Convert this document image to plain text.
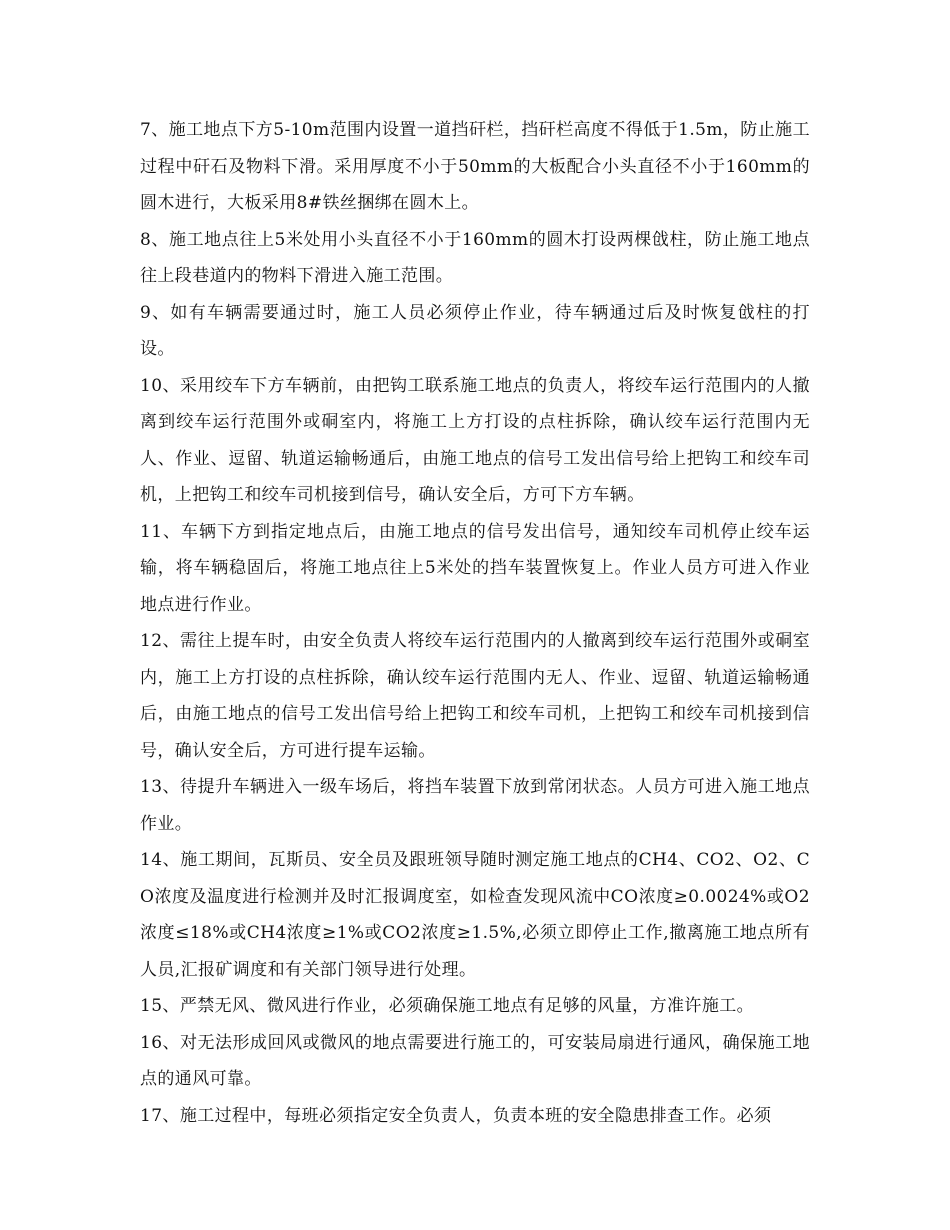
7、施工地点下方5-10m范围内设置一道挡矸栏，挡矸栏高度不得低于1.5m，防止施工过程中矸石及物料下滑。采用厚度不小于50mm的大板配合小头直径不小于160mm的圆木进行，大板采用8#铁丝捆绑在圆木上。

8、施工地点往上5米处用小头直径不小于160mm的圆木打设两棵戗柱，防止施工地点往上段巷道内的物料下滑进入施工范围。

9、如有车辆需要通过时，施工人员必须停止作业，待车辆通过后及时恢复戗柱的打设。

10、采用绞车下方车辆前，由把钩工联系施工地点的负责人，将绞车运行范围内的人撤离到绞车运行范围外或硐室内，将施工上方打设的点柱拆除，确认绞车运行范围内无人、作业、逗留、轨道运输畅通后，由施工地点的信号工发出信号给上把钩工和绞车司机，上把钩工和绞车司机接到信号，确认安全后，方可下方车辆。

11、车辆下方到指定地点后，由施工地点的信号发出信号，通知绞车司机停止绞车运输，将车辆稳固后，将施工地点往上5米处的挡车装置恢复上。作业人员方可进入作业地点进行作业。

12、需往上提车时，由安全负责人将绞车运行范围内的人撤离到绞车运行范围外或硐室内，施工上方打设的点柱拆除，确认绞车运行范围内无人、作业、逗留、轨道运输畅通后，由施工地点的信号工发出信号给上把钩工和绞车司机，上把钩工和绞车司机接到信号，确认安全后，方可进行提车运输。

13、待提升车辆进入一级车场后，将挡车装置下放到常闭状态。人员方可进入施工地点作业。

14、施工期间，瓦斯员、安全员及跟班领导随时测定施工地点的CH4、CO2、O2、CO浓度及温度进行检测并及时汇报调度室，如检查发现风流中CO浓度≥0.0024%或O2浓度≤18%或CH4浓度≥1%或CO2浓度≥1.5%,必须立即停止工作,撤离施工地点所有人员,汇报矿调度和有关部门领导进行处理。

15、严禁无风、微风进行作业，必须确保施工地点有足够的风量，方准许施工。

16、对无法形成回风或微风的地点需要进行施工的，可安装局扇进行通风，确保施工地点的通风可靠。

17、施工过程中，每班必须指定安全负责人，负责本班的安全隐患排查工作。必须
